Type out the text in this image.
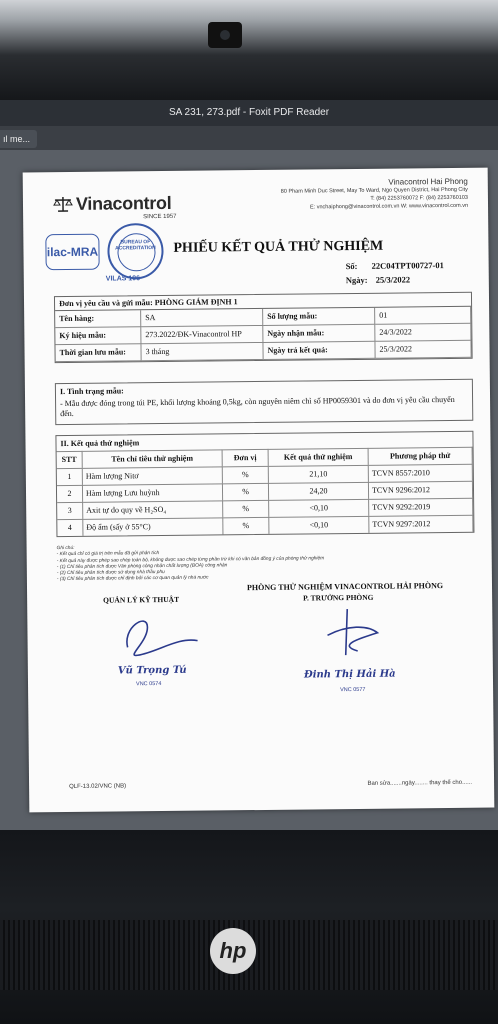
SA 231, 273.pdf - Foxit PDF Reader
ıl me...
Vinacontrol
SINCE 1957
Vinacontrol Hai Phong
80 Pham Minh Duc Street, May To Ward, Ngo Quyen District, Hai Phong City
T: (84) 2253760072 F: (84) 2253760103
E: vnchaiphong@vinacontrol.com.vn W: www.vinacontrol.com.vn
ilac-MRA
BUREAU OF ACCREDITATION
VILAS 196
PHIẾU KẾT QUẢ THỬ NGHIỆM
Số: 22C04TPT00727-01
Ngày: 25/3/2022
Đơn vị yêu cầu và gửi mẫu: PHÒNG GIÁM ĐỊNH 1
Tên hàng:	SA	Số lượng mẫu:	01
Ký hiệu mẫu:	273.2022/ĐK-Vinacontrol HP	Ngày nhận mẫu:	24/3/2022
Thời gian lưu mẫu:	3 tháng	Ngày trả kết quả:	25/3/2022
I. Tình trạng mẫu:
- Mẫu được đóng trong túi PE, khối lượng khoảng 0,5kg, còn nguyên niêm chì số HP0059301 và do đơn vị yêu cầu chuyển đến.
II. Kết quả thử nghiệm
STT	Tên chỉ tiêu thử nghiệm	Đơn vị	Kết quả thử nghiệm	Phương pháp thử
1	Hàm lượng Nitơ	%	21,10	TCVN 8557:2010
2	Hàm lượng Lưu huỳnh	%	24,20	TCVN 9296:2012
3	Axit tự do quy về H₂SO₄	%	<0,10	TCVN 9292:2019
4	Độ ẩm (sấy ở 55°C)	%	<0,10	TCVN 9297:2012
Ghi chú:
- Kết quả chỉ có giá trị trên mẫu đã gửi phân tích
- Kết quả này được phép sao chép toàn bộ, không được sao chép từng phần trừ khi có văn bản đồng ý của phòng thử nghiệm
- (1) Chỉ tiêu phân tích được Văn phòng công nhận chất lượng (BOA) công nhận
- (2) Chỉ tiêu phân tích được sử dụng nhà thầu phụ
- (3) Chỉ tiêu phân tích được chỉ định bởi các cơ quan quản lý nhà nước
PHÒNG THỬ NGHIỆM VINACONTROL HẢI PHÒNG
QUẢN LÝ KỸ THUẬT	P. TRƯỞNG PHÒNG
Vũ Trọng Tú
VNC 0574
Đinh Thị Hải Hà
VNC 0577
QLF-13.02/VNC (NB)	Ban sửa.......ngày........ thay thế cho......
hp
